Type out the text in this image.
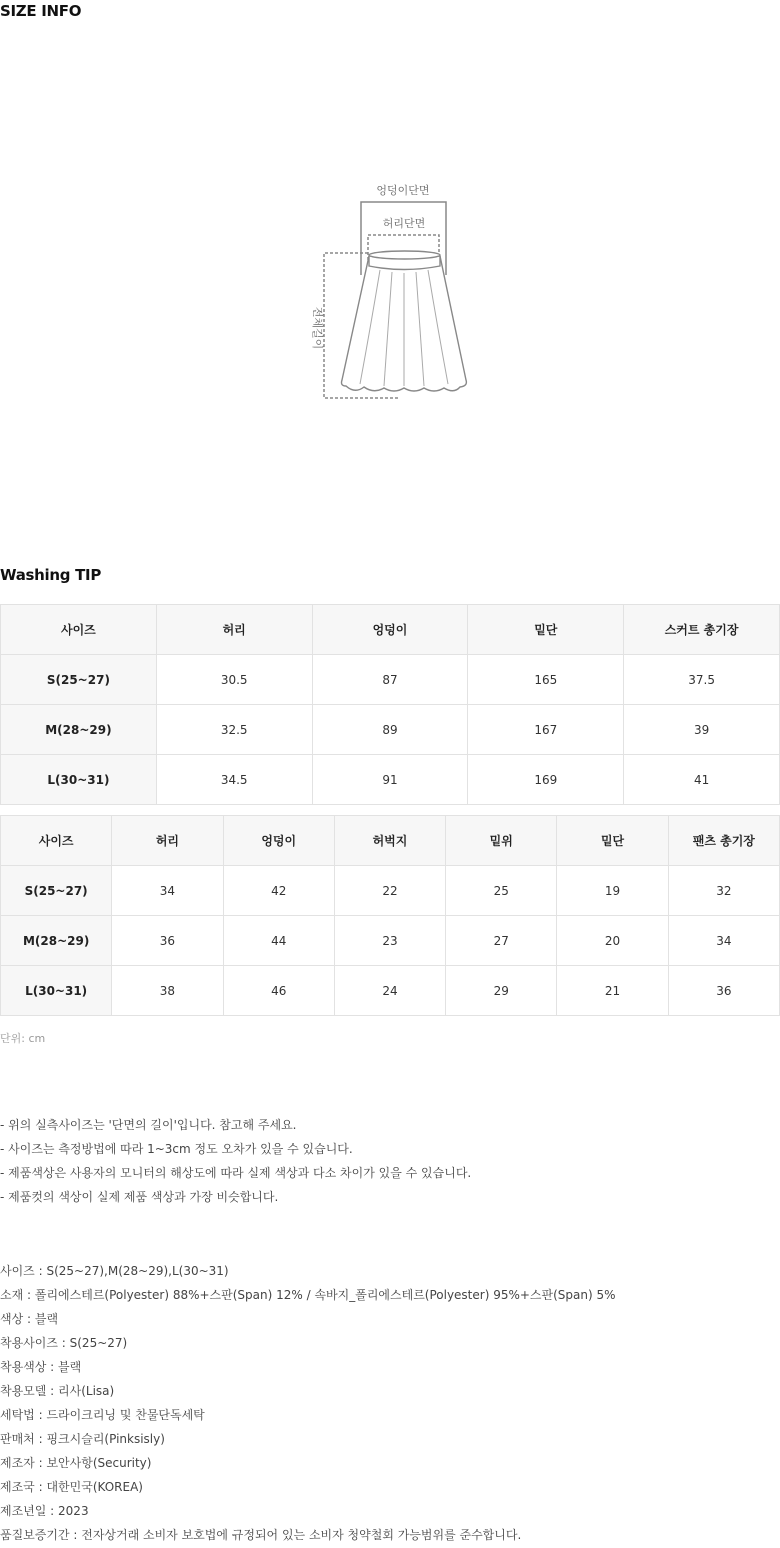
SIZE INFO
엉덩이단면
허리단면
전체길이
Washing TIP
사이즈	허리	엉덩이	밑단	스커트 총기장
S(25~27)	30.5	87	165	37.5
M(28~29)	32.5	89	167	39
L(30~31)	34.5	91	169	41
사이즈	허리	엉덩이	허벅지	밑위	밑단	팬츠 총기장
S(25~27)	34	42	22	25	19	32
M(28~29)	36	44	23	27	20	34
L(30~31)	38	46	24	29	21	36
단위: cm
- 위의 실측사이즈는 '단면의 길이'입니다. 참고해 주세요.
- 사이즈는 측정방법에 따라 1~3cm 정도 오차가 있을 수 있습니다.
- 제품색상은 사용자의 모니터의 해상도에 따라 실제 색상과 다소 차이가 있을 수 있습니다.
- 제품컷의 색상이 실제 제품 색상과 가장 비슷합니다.
사이즈 : S(25~27),M(28~29),L(30~31)
소재 : 폴리에스테르(Polyester) 88%+스판(Span) 12% / 속바지_폴리에스테르(Polyester) 95%+스판(Span) 5%
색상 : 블랙
착용사이즈 : S(25~27)
착용색상 : 블랙
착용모델 : 리사(Lisa)
세탁법 : 드라이크리닝 및 찬물단독세탁
판매처 : 핑크시슬리(Pinksisly)
제조자 : 보안사항(Security)
제조국 : 대한민국(KOREA)
제조년일 : 2023
품질보증기간 : 전자상거래 소비자 보호법에 규정되어 있는 소비자 청약철회 가능범위를 준수합니다.
